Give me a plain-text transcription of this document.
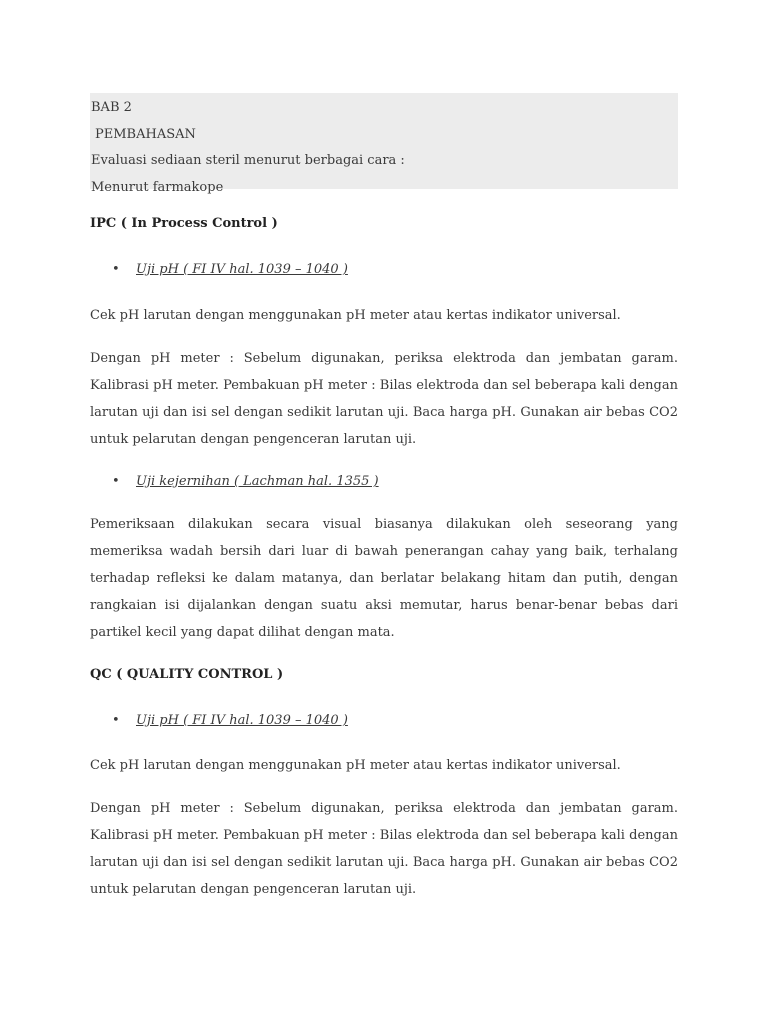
BAB 2
PEMBAHASAN
Evaluasi sediaan steril menurut berbagai cara :
Menurut farmakope

IPC ( In Process Control )

• Uji pH ( FI IV hal. 1039 – 1040 )

Cek pH larutan dengan menggunakan pH meter atau kertas indikator universal.

Dengan pH meter : Sebelum digunakan, periksa elektroda dan jembatan garam. Kalibrasi pH meter. Pembakuan pH meter : Bilas elektroda dan sel beberapa kali dengan larutan uji dan isi sel dengan sedikit larutan uji. Baca harga pH. Gunakan air bebas CO2 untuk pelarutan dengan pengenceran larutan uji.

• Uji kejernihan ( Lachman hal. 1355 )

Pemeriksaan dilakukan secara visual biasanya dilakukan oleh seseorang yang memeriksa wadah bersih dari luar di bawah penerangan cahay yang baik, terhalang terhadap refleksi ke dalam matanya, dan berlatar belakang hitam dan putih, dengan rangkaian isi dijalankan dengan suatu aksi memutar, harus benar-benar bebas dari partikel kecil yang dapat dilihat dengan mata.

QC ( QUALITY CONTROL )

• Uji pH ( FI IV hal. 1039 – 1040 )

Cek pH larutan dengan menggunakan pH meter atau kertas indikator universal.

Dengan pH meter : Sebelum digunakan, periksa elektroda dan jembatan garam. Kalibrasi pH meter. Pembakuan pH meter : Bilas elektroda dan sel beberapa kali dengan larutan uji dan isi sel dengan sedikit larutan uji. Baca harga pH. Gunakan air bebas CO2 untuk pelarutan dengan pengenceran larutan uji.
